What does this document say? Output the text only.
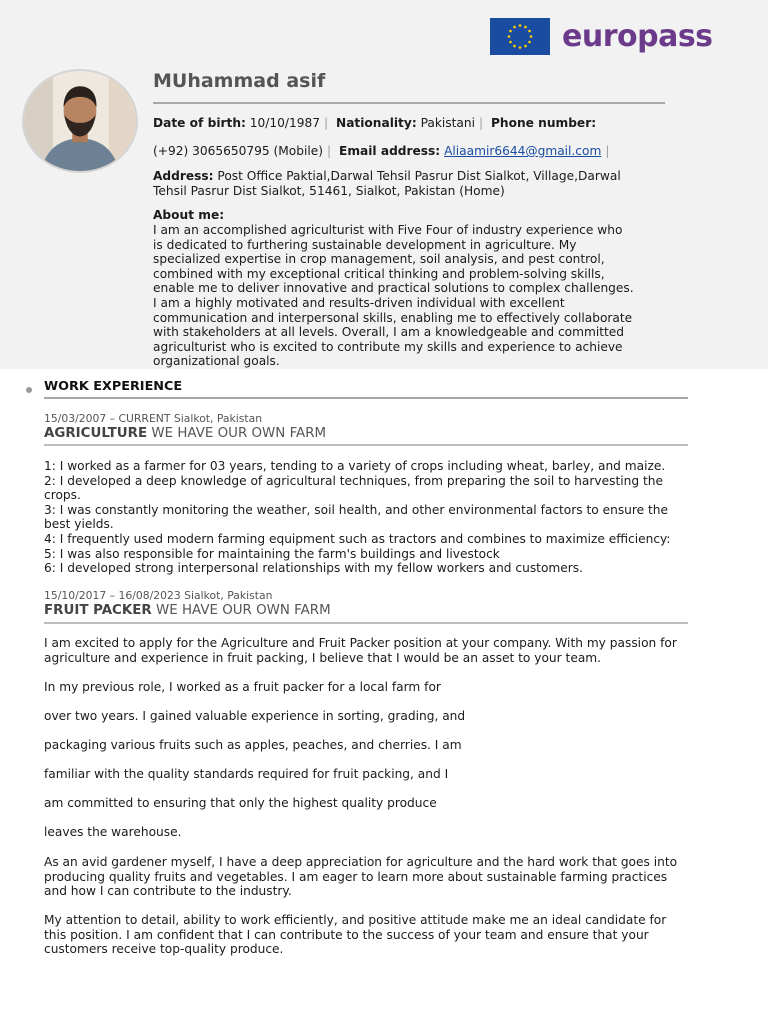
europass
MUhammad asif
Date of birth: 10/10/1987 | Nationality: Pakistani | Phone number:
(+92) 3065650795 (Mobile) | Email address: Aliaamir6644@gmail.com |
Address: Post Office Paktial,Darwal Tehsil Pasrur Dist Sialkot, Village,Darwal Tehsil Pasrur Dist Sialkot, 51461, Sialkot, Pakistan (Home)
About me:
I am an accomplished agriculturist with Five Four of industry experience who is dedicated to furthering sustainable development in agriculture. My specialized expertise in crop management, soil analysis, and pest control, combined with my exceptional critical thinking and problem-solving skills, enable me to deliver innovative and practical solutions to complex challenges. I am a highly motivated and results-driven individual with excellent communication and interpersonal skills, enabling me to effectively collaborate with stakeholders at all levels. Overall, I am a knowledgeable and committed agriculturist who is excited to contribute my skills and experience to achieve organizational goals.
WORK EXPERIENCE
15/03/2007 – CURRENT Sialkot, Pakistan
AGRICULTURE WE HAVE OUR OWN FARM
1: I worked as a farmer for 03 years, tending to a variety of crops including wheat, barley, and maize.
2: I developed a deep knowledge of agricultural techniques, from preparing the soil to harvesting the crops.
3: I was constantly monitoring the weather, soil health, and other environmental factors to ensure the best yields.
4: I frequently used modern farming equipment such as tractors and combines to maximize efficiency:
5: I was also responsible for maintaining the farm's buildings and livestock
6: I developed strong interpersonal relationships with my fellow workers and customers.
15/10/2017 – 16/08/2023 Sialkot, Pakistan
FRUIT PACKER WE HAVE OUR OWN FARM
I am excited to apply for the Agriculture and Fruit Packer position at your company. With my passion for agriculture and experience in fruit packing, I believe that I would be an asset to your team.
In my previous role, I worked as a fruit packer for a local farm for
over two years. I gained valuable experience in sorting, grading, and
packaging various fruits such as apples, peaches, and cherries. I am
familiar with the quality standards required for fruit packing, and I
am committed to ensuring that only the highest quality produce
leaves the warehouse.
As an avid gardener myself, I have a deep appreciation for agriculture and the hard work that goes into producing quality fruits and vegetables. I am eager to learn more about sustainable farming practices and how I can contribute to the industry.
My attention to detail, ability to work efficiently, and positive attitude make me an ideal candidate for this position. I am confident that I can contribute to the success of your team and ensure that your customers receive top-quality produce.
